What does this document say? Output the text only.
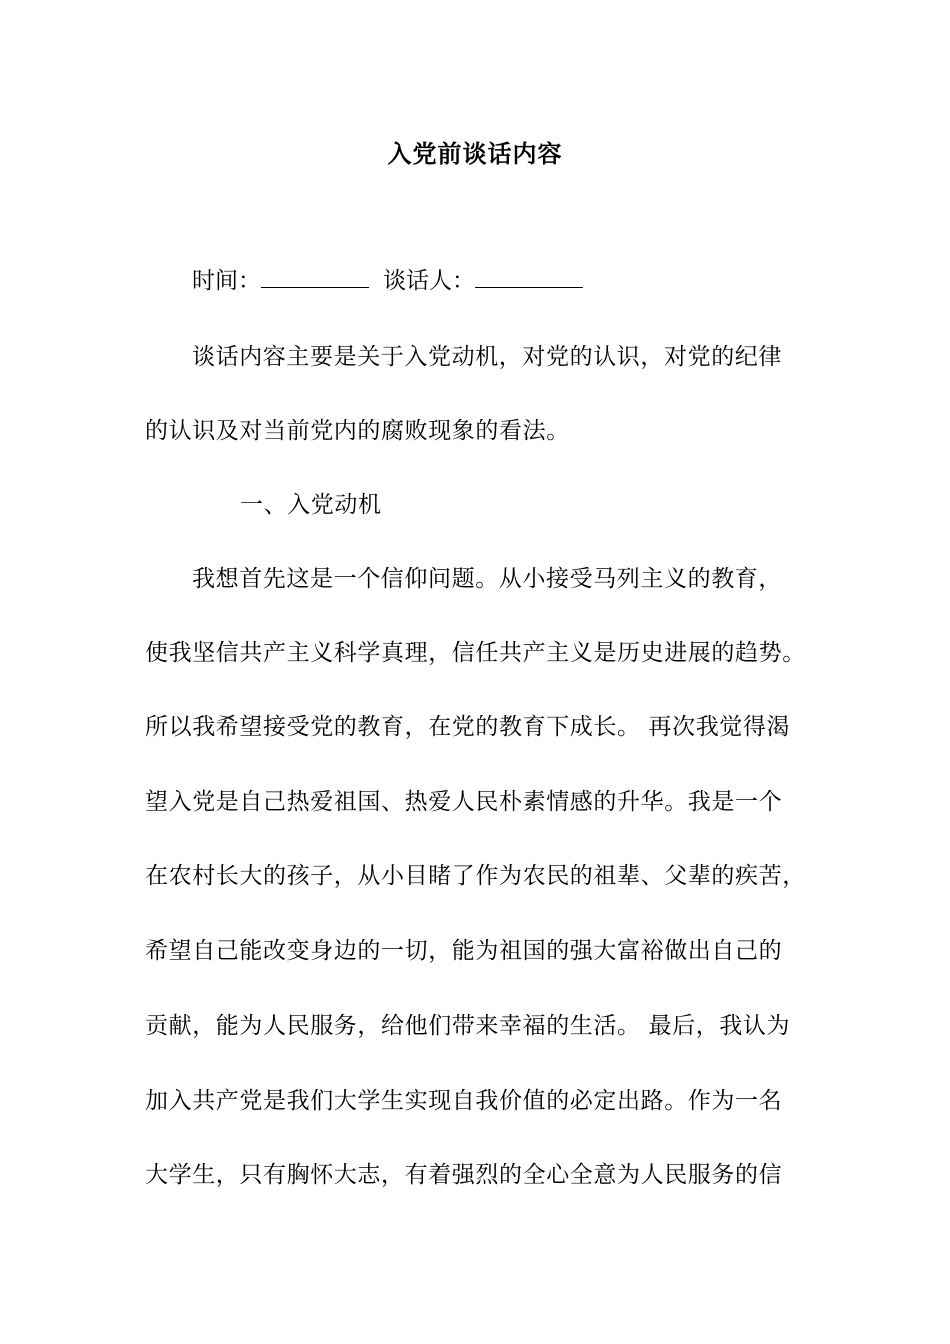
入党前谈话内容
时间：	谈话人：
谈话内容主要是关于入党动机，对党的认识，对党的纪律
的认识及对当前党内的腐败现象的看法。
一、入党动机
我想首先这是一个信仰问题。从小接受马列主义的教育，
使我坚信共产主义科学真理，信任共产主义是历史进展的趋势。
所以我希望接受党的教育，在党的教育下成长。 再次我觉得渴
望入党是自己热爱祖国、热爱人民朴素情感的升华。我是一个
在农村长大的孩子，从小目睹了作为农民的祖辈、父辈的疾苦，
希望自己能改变身边的一切，能为祖国的强大富裕做出自己的
贡献，能为人民服务，给他们带来幸福的生活。 最后，我认为
加入共产党是我们大学生实现自我价值的必定出路。作为一名
大学生，只有胸怀大志，有着强烈的全心全意为人民服务的信
